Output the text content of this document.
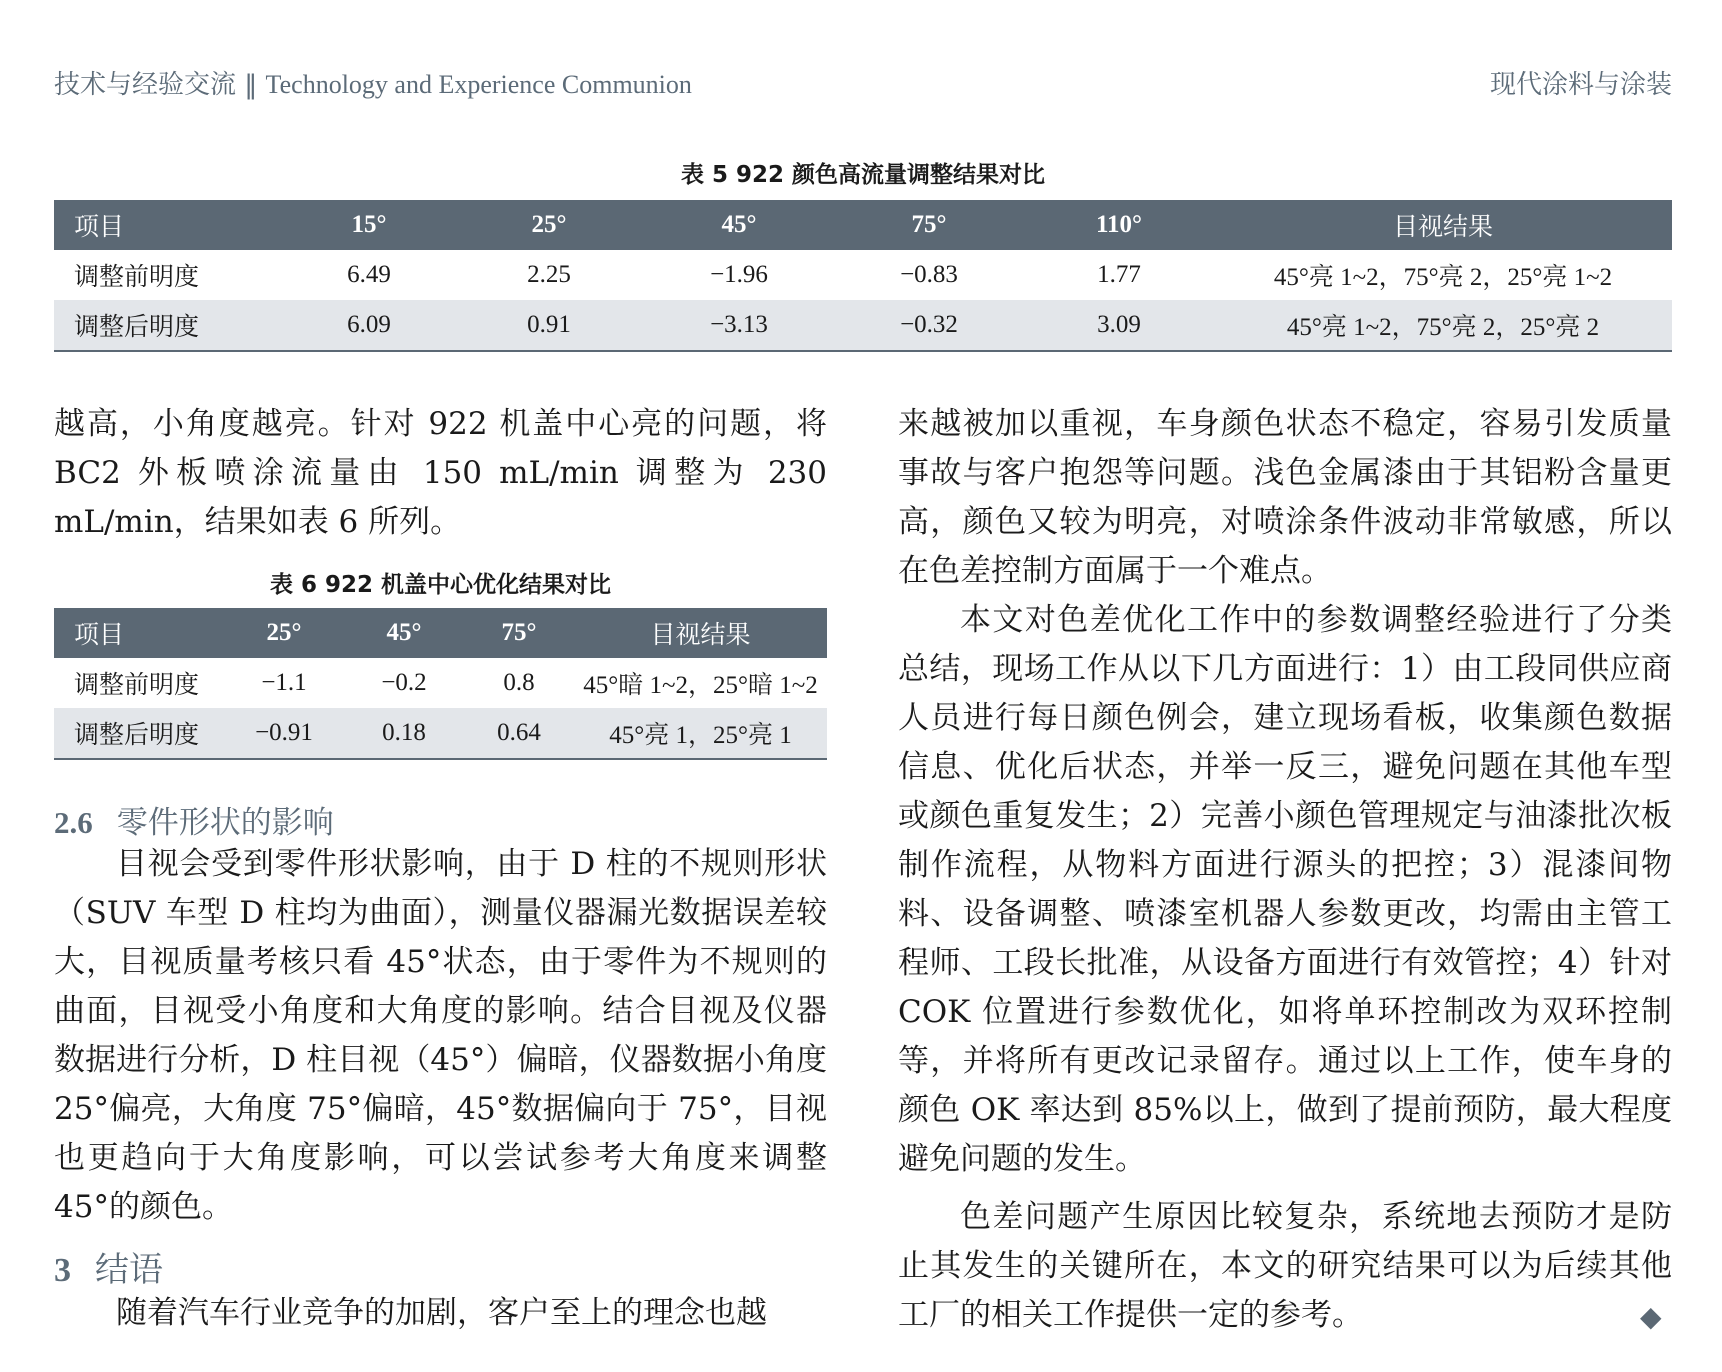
技术与经验交流 ‖ Technology and Experience Communion	现代涂料与涂装
表 5 922 颜色高流量调整结果对比
项目	15°	25°	45°	75°	110°	目视结果
调整前明度	6.49	2.25	−1.96	−0.83	1.77	45°亮 1~2，75°亮 2，25°亮 1~2
调整后明度	6.09	0.91	−3.13	−0.32	3.09	45°亮 1~2，75°亮 2，25°亮 2

越高，小角度越亮。针对 922 机盖中心亮的问题，将 BC2 外板喷涂流量由 150 mL/min 调整为 230 mL/min，结果如表 6 所列。

表 6 922 机盖中心优化结果对比
项目	25°	45°	75°	目视结果
调整前明度	−1.1	−0.2	0.8	45°暗 1~2，25°暗 1~2
调整后明度	−0.91	0.18	0.64	45°亮 1，25°亮 1
2.6 零件形状的影响

目视会受到零件形状影响，由于 D 柱的不规则形状（SUV 车型 D 柱均为曲面），测量仪器漏光数据误差较大，目视质量考核只看 45°状态，由于零件为不规则的曲面，目视受小角度和大角度的影响。结合目视及仪器数据进行分析，D 柱目视（45°）偏暗，仪器数据小角度 25°偏亮，大角度 75°偏暗，45°数据偏向于 75°，目视也更趋向于大角度影响，可以尝试参考大角度来调整 45°的颜色。

3 结语

随着汽车行业竞争的加剧，客户至上的理念也越

来越被加以重视，车身颜色状态不稳定，容易引发质量事故与客户抱怨等问题。浅色金属漆由于其铝粉含量更高，颜色又较为明亮，对喷涂条件波动非常敏感，所以在色差控制方面属于一个难点。

本文对色差优化工作中的参数调整经验进行了分类总结，现场工作从以下几方面进行：1）由工段同供应商人员进行每日颜色例会，建立现场看板，收集颜色数据信息、优化后状态，并举一反三，避免问题在其他车型或颜色重复发生；2）完善小颜色管理规定与油漆批次板制作流程，从物料方面进行源头的把控；3）混漆间物料、设备调整、喷漆室机器人参数更改，均需由主管工程师、工段长批准，从设备方面进行有效管控；4）针对 COK 位置进行参数优化，如将单环控制改为双环控制等，并将所有更改记录留存。通过以上工作，使车身的颜色 OK 率达到 85%以上，做到了提前预防，最大程度避免问题的发生。

色差问题产生原因比较复杂，系统地去预防才是防止其发生的关键所在，本文的研究结果可以为后续其他工厂的相关工作提供一定的参考。	◆
